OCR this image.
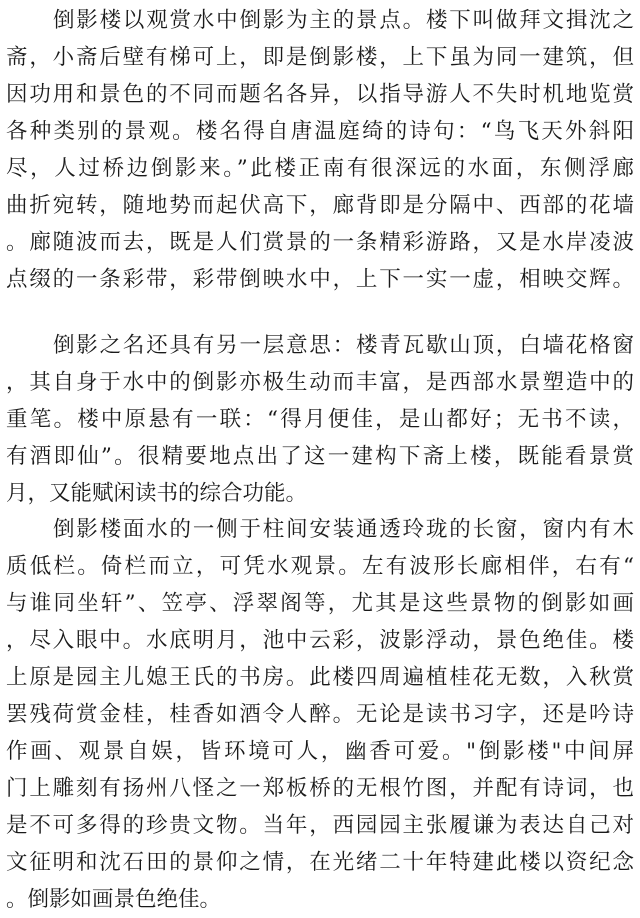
倒影楼以观赏水中倒影为主的景点。楼下叫做拜文揖沈之
斋，小斋后壁有梯可上，即是倒影楼，上下虽为同一建筑，但
因功用和景色的不同而题名各异，以指导游人不失时机地览赏
各种类别的景观。楼名得自唐温庭绮的诗句：“鸟飞天外斜阳
尽，人过桥边倒影来。”此楼正南有很深远的水面，东侧浮廊
曲折宛转，随地势而起伏高下，廊背即是分隔中、西部的花墙
。廊随波而去，既是人们赏景的一条精彩游路，又是水岸凌波
点缀的一条彩带，彩带倒映水中，上下一实一虚，相映交辉。
倒影之名还具有另一层意思：楼青瓦歇山顶，白墙花格窗
，其自身于水中的倒影亦极生动而丰富，是西部水景塑造中的
重笔。楼中原悬有一联：“得月便佳，是山都好；无书不读，
有酒即仙”。很精要地点出了这一建构下斋上楼，既能看景赏
月，又能赋闲读书的综合功能。
倒影楼面水的一侧于柱间安装通透玲珑的长窗，窗内有木
质低栏。倚栏而立，可凭水观景。左有波形长廊相伴，右有“
与谁同坐轩”、笠亭、浮翠阁等，尤其是这些景物的倒影如画
，尽入眼中。水底明月，池中云彩，波影浮动，景色绝佳。楼
上原是园主儿媳王氏的书房。此楼四周遍植桂花无数，入秋赏
罢残荷赏金桂，桂香如酒令人醉。无论是读书习字，还是吟诗
作画、观景自娱，皆环境可人，幽香可爱。"倒影楼"中间屏
门上雕刻有扬州八怪之一郑板桥的无根竹图，并配有诗词，也
是不可多得的珍贵文物。当年，西园园主张履谦为表达自己对
文征明和沈石田的景仰之情，在光绪二十年特建此楼以资纪念
。倒影如画景色绝佳。
